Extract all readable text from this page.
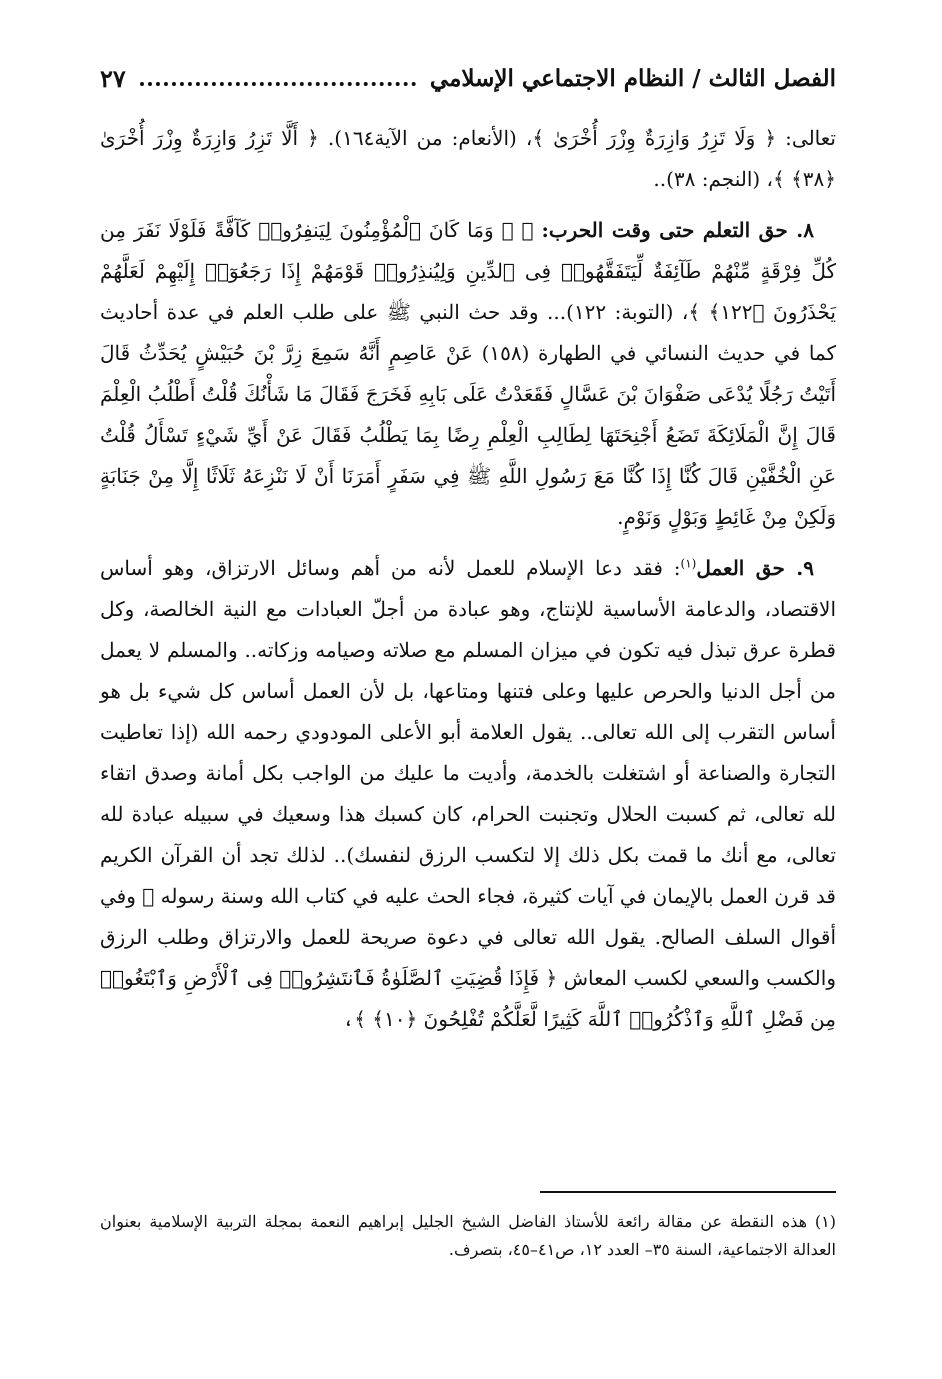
الفصل الثالث / النظام الاجتماعي الإسلامي
٢٧

تعالى: ﴿ وَلَا تَزِرُ وَازِرَةٌ وِزْرَ أُخْرَىٰ ﴾، (الأنعام: من الآية١٦٤). ﴿ أَلَّا تَزِرُ وَازِرَةٌ وِزْرَ أُخْرَىٰ ﴿٣٨﴾ ﴾، (النجم: ٣٨)..

٨. حق التعلم حتى وقت الحرب: ﴿ ۞ وَمَا كَانَ ٱلْمُؤْمِنُونَ لِيَنفِرُوا۟ كَآفَّةً فَلَوْلَا نَفَرَ مِن كُلِّ فِرْقَةٍ مِّنْهُمْ طَآئِفَةٌ لِّيَتَفَقَّهُوا۟ فِى ٱلدِّينِ وَلِيُنذِرُوا۟ قَوْمَهُمْ إِذَا رَجَعُوٓا۟ إِلَيْهِمْ لَعَلَّهُمْ يَحْذَرُونَ ﴿١٢٢﴾ ﴾، (التوبة: ١٢٢)... وقد حث النبي ﷺ على طلب العلم في عدة أحاديث كما في حديث النسائي في الطهارة (١٥٨) عَنْ عَاصِمٍ أَنَّهُ سَمِعَ زِرَّ بْنَ حُبَيْشٍ يُحَدِّثُ قَالَ أَتَيْتُ رَجُلًا يُدْعَى صَفْوَانَ بْنَ عَسَّالٍ فَقَعَدْتُ عَلَى بَابِهِ فَخَرَجَ فَقَالَ مَا شَأْنُكَ قُلْتُ أَطْلُبُ الْعِلْمَ قَالَ إِنَّ الْمَلَائِكَةَ تَضَعُ أَجْنِحَتَهَا لِطَالِبِ الْعِلْمِ رِضًا بِمَا يَطْلُبُ فَقَالَ عَنْ أَيِّ شَيْءٍ تَسْأَلُ قُلْتُ عَنِ الْخُفَّيْنِ قَالَ كُنَّا إِذَا كُنَّا مَعَ رَسُولِ اللَّهِ ﷺ فِي سَفَرٍ أَمَرَنَا أَنْ لَا نَنْزِعَهُ ثَلَاثًا إِلَّا مِنْ جَنَابَةٍ وَلَكِنْ مِنْ غَائِطٍ وَبَوْلٍ وَنَوْمٍ.

٩. حق العمل$^{(١)}$: فقد دعا الإسلام للعمل لأنه من أهم وسائل الارتزاق، وهو أساس الاقتصاد، والدعامة الأساسية للإنتاج، وهو عبادة من أجلّ العبادات مع النية الخالصة، وكل قطرة عرق تبذل فيه تكون في ميزان المسلم مع صلاته وصيامه وزكاته.. والمسلم لا يعمل من أجل الدنيا والحرص عليها وعلى فتنها ومتاعها، بل لأن العمل أساس كل شيء بل هو أساس التقرب إلى الله تعالى.. يقول العلامة أبو الأعلى المودودي رحمه الله (إذا تعاطيت التجارة والصناعة أو اشتغلت بالخدمة، وأديت ما عليك من الواجب بكل أمانة وصدق اتقاء لله تعالى، ثم كسبت الحلال وتجنبت الحرام، كان كسبك هذا وسعيك في سبيله عبادة لله تعالى، مع أنك ما قمت بكل ذلك إلا لتكسب الرزق لنفسك).. لذلك تجد أن القرآن الكريم قد قرن العمل بالإيمان في آيات كثيرة، فجاء الحث عليه في كتاب الله وسنة رسوله ﷺ وفي أقوال السلف الصالح. يقول الله تعالى في دعوة صريحة للعمل والارتزاق وطلب الرزق والكسب والسعي لكسب المعاش ﴿ فَإِذَا قُضِيَتِ ٱلصَّلَوٰةُ فَٱنتَشِرُوا۟ فِى ٱلْأَرْضِ وَٱبْتَغُوا۟ مِن فَضْلِ ٱللَّهِ وَٱذْكُرُوا۟ ٱللَّهَ كَثِيرًا لَّعَلَّكُمْ تُفْلِحُونَ ﴿١٠﴾ ﴾،

(١) هذه النقطة عن مقالة رائعة للأستاذ الفاضل الشيخ الجليل إبراهيم النعمة بمجلة التربية الإسلامية بعنوان العدالة الاجتماعية، السنة ٣٥– العدد ١٢، ص٤١–٤٥، بتصرف.
